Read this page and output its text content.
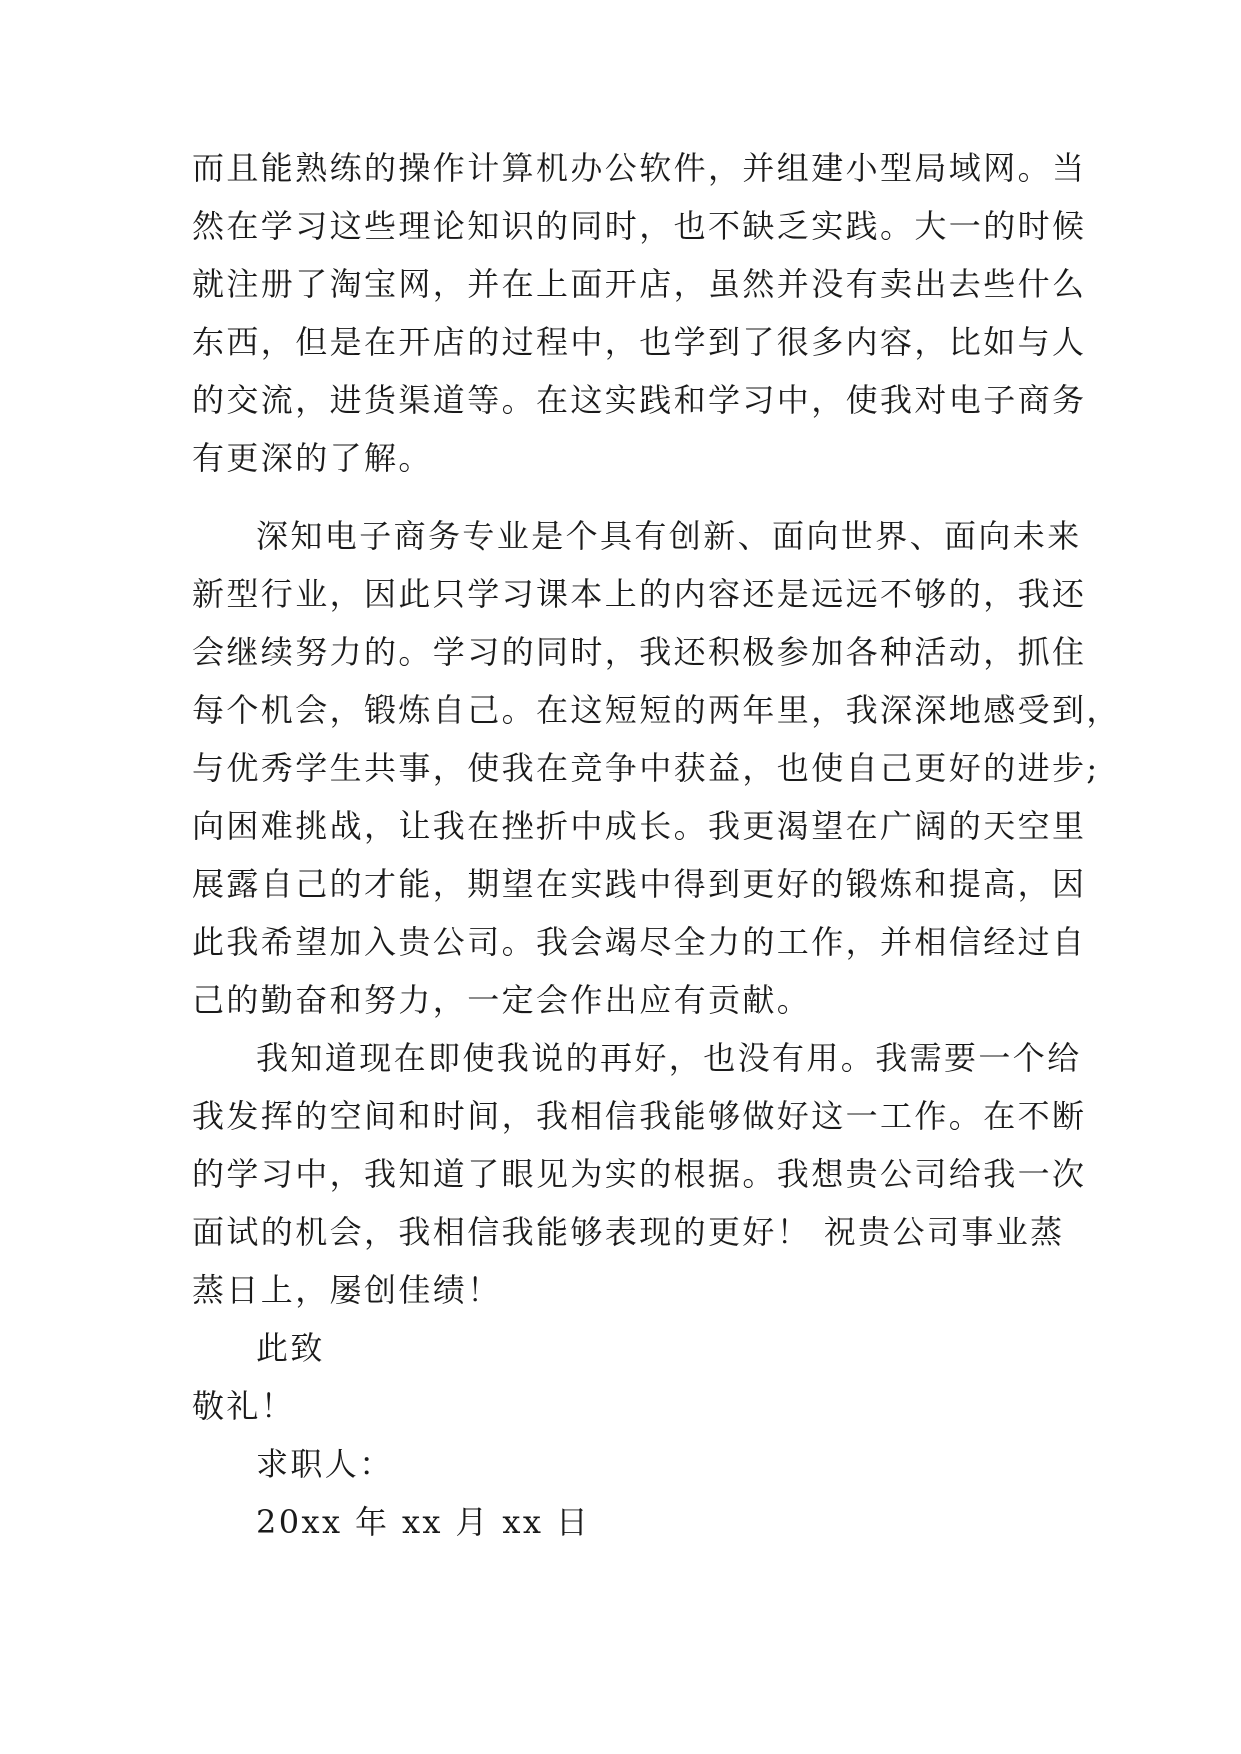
而且能熟练的操作计算机办公软件，并组建小型局域网。当
然在学习这些理论知识的同时，也不缺乏实践。大一的时候
就注册了淘宝网，并在上面开店，虽然并没有卖出去些什么
东西，但是在开店的过程中，也学到了很多内容，比如与人
的交流，进货渠道等。在这实践和学习中，使我对电子商务
有更深的了解。
深知电子商务专业是个具有创新、面向世界、面向未来
新型行业，因此只学习课本上的内容还是远远不够的，我还
会继续努力的。学习的同时，我还积极参加各种活动，抓住
每个机会，锻炼自己。在这短短的两年里，我深深地感受到，
与优秀学生共事，使我在竞争中获益，也使自己更好的进步;
向困难挑战，让我在挫折中成长。我更渴望在广阔的天空里
展露自己的才能，期望在实践中得到更好的锻炼和提高，因
此我希望加入贵公司。我会竭尽全力的工作，并相信经过自
己的勤奋和努力，一定会作出应有贡献。
我知道现在即使我说的再好，也没有用。我需要一个给
我发挥的空间和时间，我相信我能够做好这一工作。在不断
的学习中，我知道了眼见为实的根据。我想贵公司给我一次
面试的机会，我相信我能够表现的更好！ 祝贵公司事业蒸
蒸日上，屡创佳绩！
此致
敬礼！
求职人：
20xx 年 xx 月 xx 日
